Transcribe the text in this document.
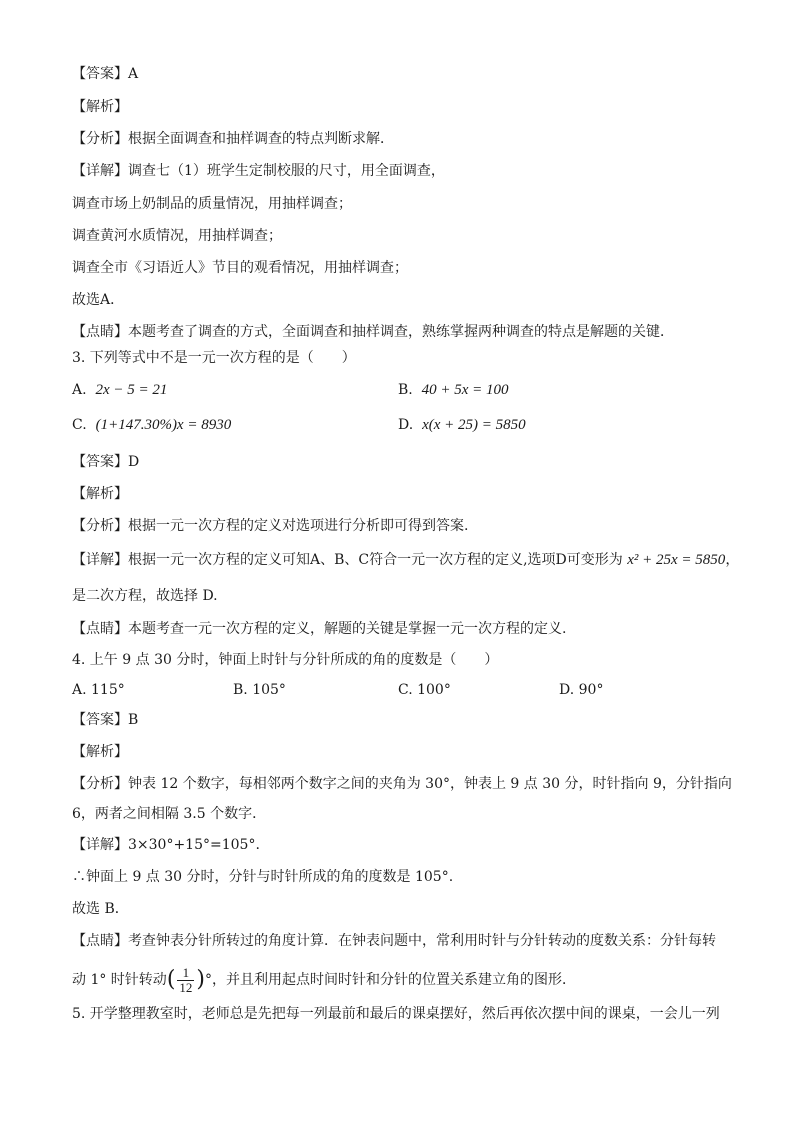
【答案】A
【解析】
【分析】根据全面调查和抽样调查的特点判断求解．
【详解】调查七（1）班学生定制校服的尺寸，用全面调查，
调查市场上奶制品的质量情况，用抽样调查；
调查黄河水质情况，用抽样调查；
调查全市《习语近人》节目的观看情况，用抽样调查；
故选A．
【点睛】本题考查了调查的方式，全面调查和抽样调查，熟练掌握两种调查的特点是解题的关键．
3. 下列等式中不是一元一次方程的是（　　）
A. 2x − 5 = 21	B. 40 + 5x = 100
C. (1+147.30%)x = 8930	D. x(x + 25) = 5850
【答案】D
【解析】
【分析】根据一元一次方程的定义对选项进行分析即可得到答案.
【详解】根据一元一次方程的定义可知A、B、C符合一元一次方程的定义,选项D可变形为 x² + 25x = 5850，
是二次方程，故选择 D.
【点睛】本题考查一元一次方程的定义，解题的关键是掌握一元一次方程的定义.
4. 上午 9 点 30 分时，钟面上时针与分针所成的角的度数是（　　）
A. 115°	B. 105°	C. 100°	D. 90°
【答案】B
【解析】
【分析】钟表 12 个数字，每相邻两个数字之间的夹角为 30°，钟表上 9 点 30 分，时针指向 9，分针指向
6，两者之间相隔 3.5 个数字．
【详解】3×30°+15°=105°.
∴钟面上 9 点 30 分时，分针与时针所成的角的度数是 105°.
故选 B．
【点睛】考查钟表分针所转过的角度计算．在钟表问题中，常利用时针与分针转动的度数关系：分针每转
动 1° 时针转动( $\frac{1}{12}$ )°，并且利用起点时间时针和分针的位置关系建立角的图形．
5. 开学整理教室时，老师总是先把每一列最前和最后的课桌摆好，然后再依次摆中间的课桌，一会儿一列
